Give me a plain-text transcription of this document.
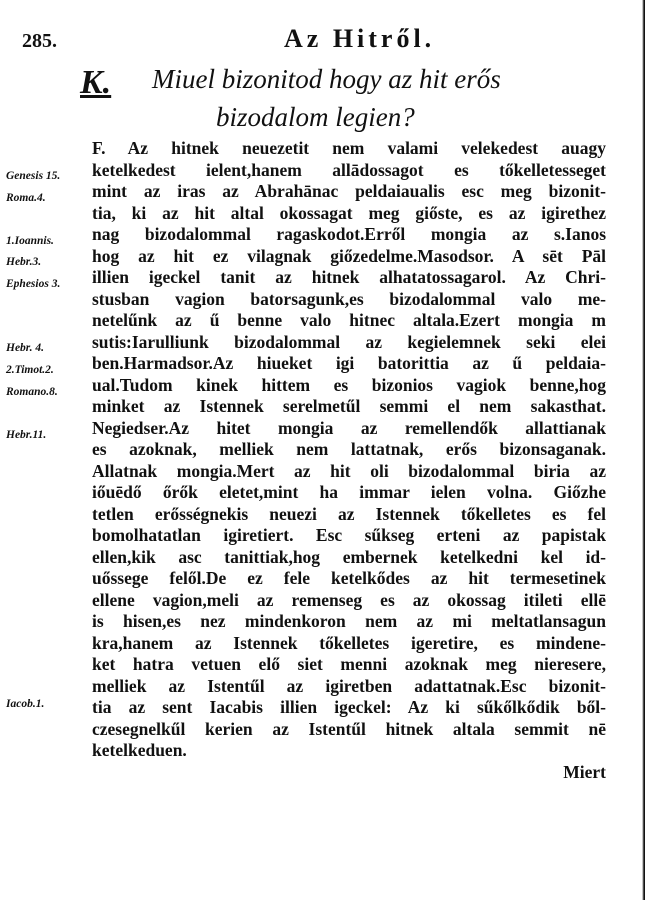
285.	Az Hitről.
K. Miuel bizonitod hogy az hit erős
bizodalom legien?
F. Az hitnek neuezetit nem valami velekedest auagy
ketelkedest ielent,hanem allādossagot es tőkelletesseget
mint az iras az Abrahānac peldaiaualis esc meg bizonit-
tia, ki az hit altal okossagat meg giőste, es az igirethez
nag bizodalommal ragaskodot.Erről mongia az s.Ianos
hog az hit ez vilagnak giőzedelme.Masodsor. A sēt Pāl
illien igeckel tanit az hitnek alhatatossagarol. Az Chri-
stusban vagion batorsagunk,es bizodalommal valo me-
netelűnk az ű benne valo hitnec altala.Ezert mongia m
sutis:Iarulliunk bizodalommal az kegielemnek seki elei
ben.Harmadsor.Az hiueket igi batorittia az ű peldaia-
ual.Tudom kinek hittem es bizonios vagiok benne,hog
minket az Istennek serelmetűl semmi el nem sakasthat.
Negiedser.Az hitet mongia az remellendők allattianak
es azoknak, melliek nem lattatnak, erős bizonsaganak.
Allatnak mongia.Mert az hit oli bizodalommal biria az
iőuēdő őrők eletet,mint ha immar ielen volna. Giőzhe
tetlen erősségnekis neuezi az Istennek tőkelletes es fel
bomolhatatlan igiretiert. Esc sűkseg erteni az papistak
ellen,kik asc tanittiak,hog embernek ketelkedni kel id-
uőssege felől.De ez fele ketelkődes az hit termesetinek
ellene vagion,meli az remenseg es az okossag itileti ellē
is hisen,es nez mindenkoron nem az mi meltatlansagun
kra,hanem az Istennek tőkelletes igeretire, es mindene-
ket hatra vetuen elő siet menni azoknak meg nieresere,
melliek az Istentűl az igiretben adattatnak.Esc bizonit-
tia az sent Iacabis illien igeckel: Az ki sűkőlkődik ből-
czesegnelkűl kerien az Istentűl hitnek altala semmit nē
ketelkeduen.
Miert
Genesis 15.
Roma.4.
1.Ioannis.
Hebr.3.
Ephesios 3.
Hebr. 4.
2.Timot.2.
Romano.8.
Hebr.11.
Iacob.1.
